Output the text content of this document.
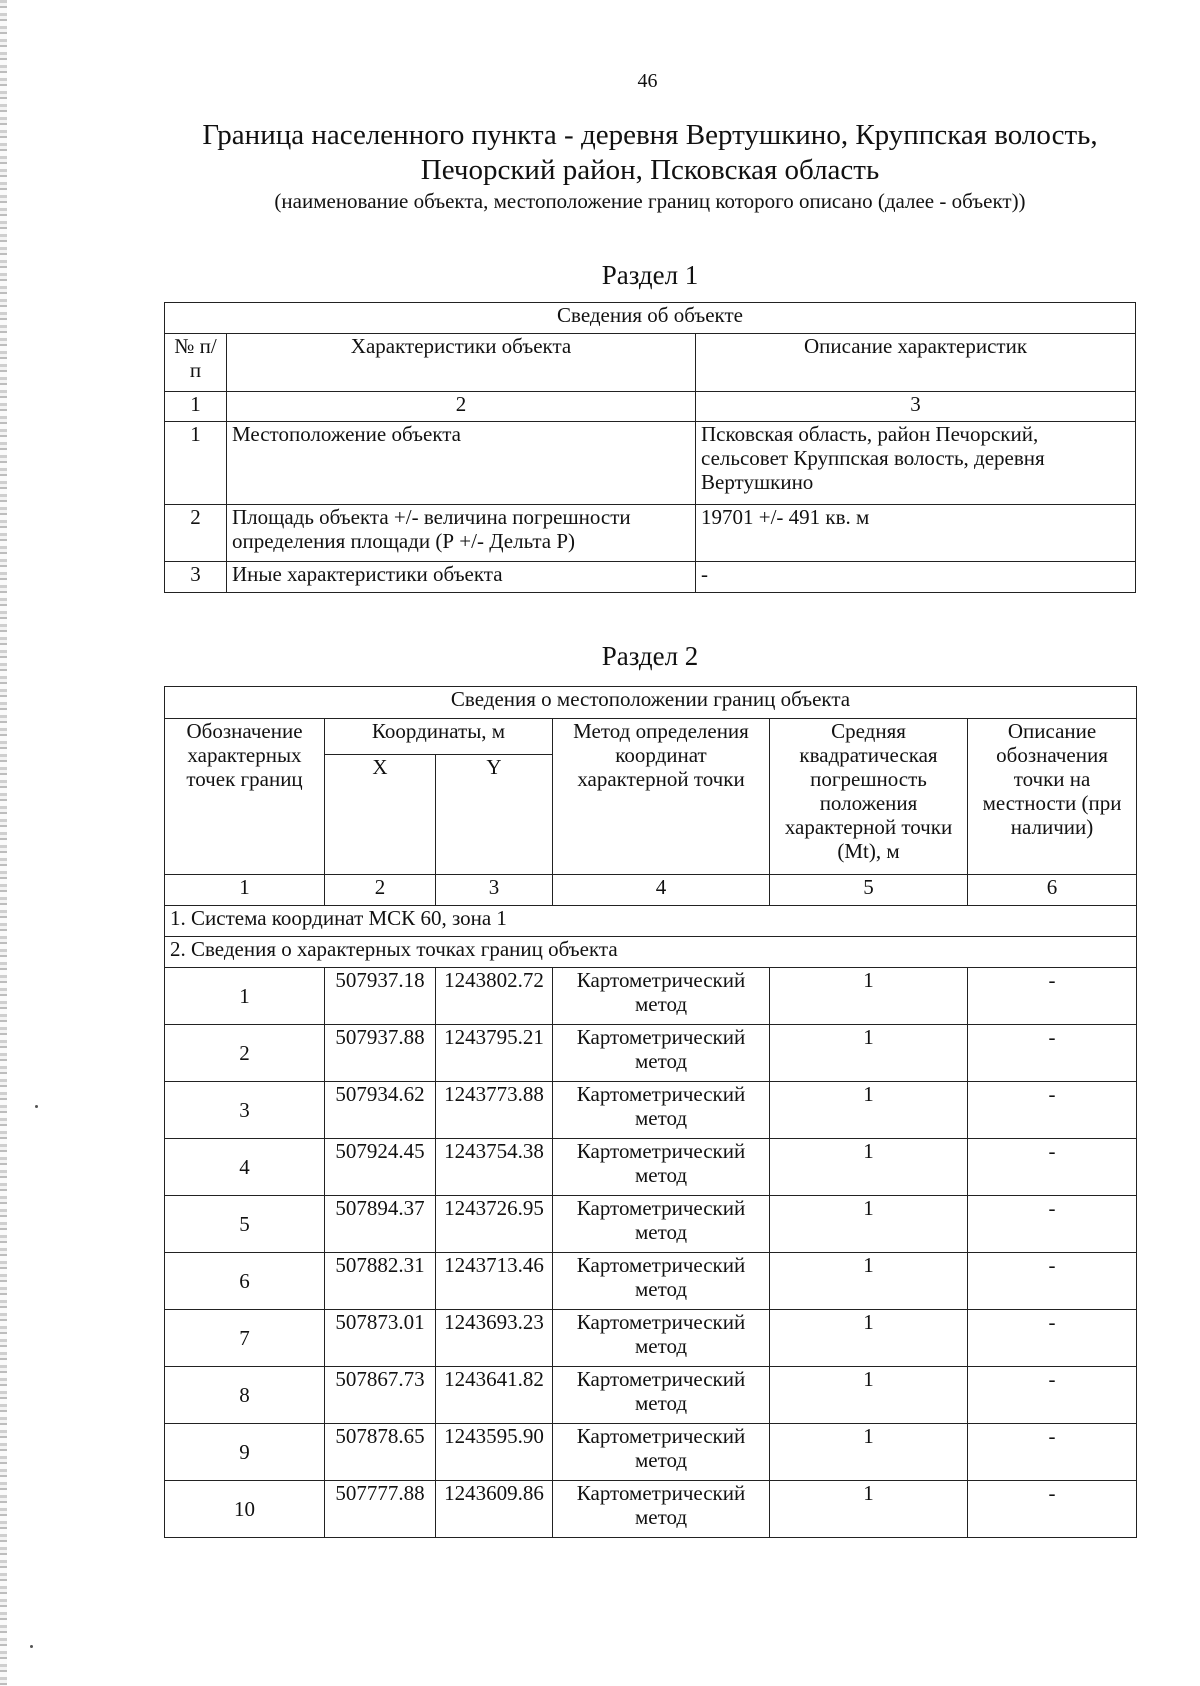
46
Граница населенного пункта - деревня Вертушкино, Круппская волость,
Печорский район, Псковская область
(наименование объекта, местоположение границ которого описано (далее - объект))
Раздел 1
Сведения об объекте		
№ п/п	Характеристики объекта	Описание характеристик
1	2	3
1	Местоположение объекта	Псковская область, район Печорский, сельсовет Круппская волость, деревня Вертушкино
2	Площадь объекта +/- величина погрешности определения площади (Р +/- Дельта Р)	19701 +/- 491 кв. м
3	Иные характеристики объекта	-
Раздел 2
Сведения о местоположении границ объекта					
Обозначение характерных точек границ	Координаты, м		Метод определения координат характерной точки	Средняя квадратическая погрешность положения характерной точки (Mt), м	Описание обозначения точки на местности (при наличии)
	X	Y			
1	2	3	4	5	6
1. Система координат МСК 60, зона 1					
2. Сведения о характерных точках границ объекта					
1	507937.18	1243802.72	Картометрический метод	1	-
2	507937.88	1243795.21	Картометрический метод	1	-
3	507934.62	1243773.88	Картометрический метод	1	-
4	507924.45	1243754.38	Картометрический метод	1	-
5	507894.37	1243726.95	Картометрический метод	1	-
6	507882.31	1243713.46	Картометрический метод	1	-
7	507873.01	1243693.23	Картометрический метод	1	-
8	507867.73	1243641.82	Картометрический метод	1	-
9	507878.65	1243595.90	Картометрический метод	1	-
10	507777.88	1243609.86	Картометрический метод	1	-
